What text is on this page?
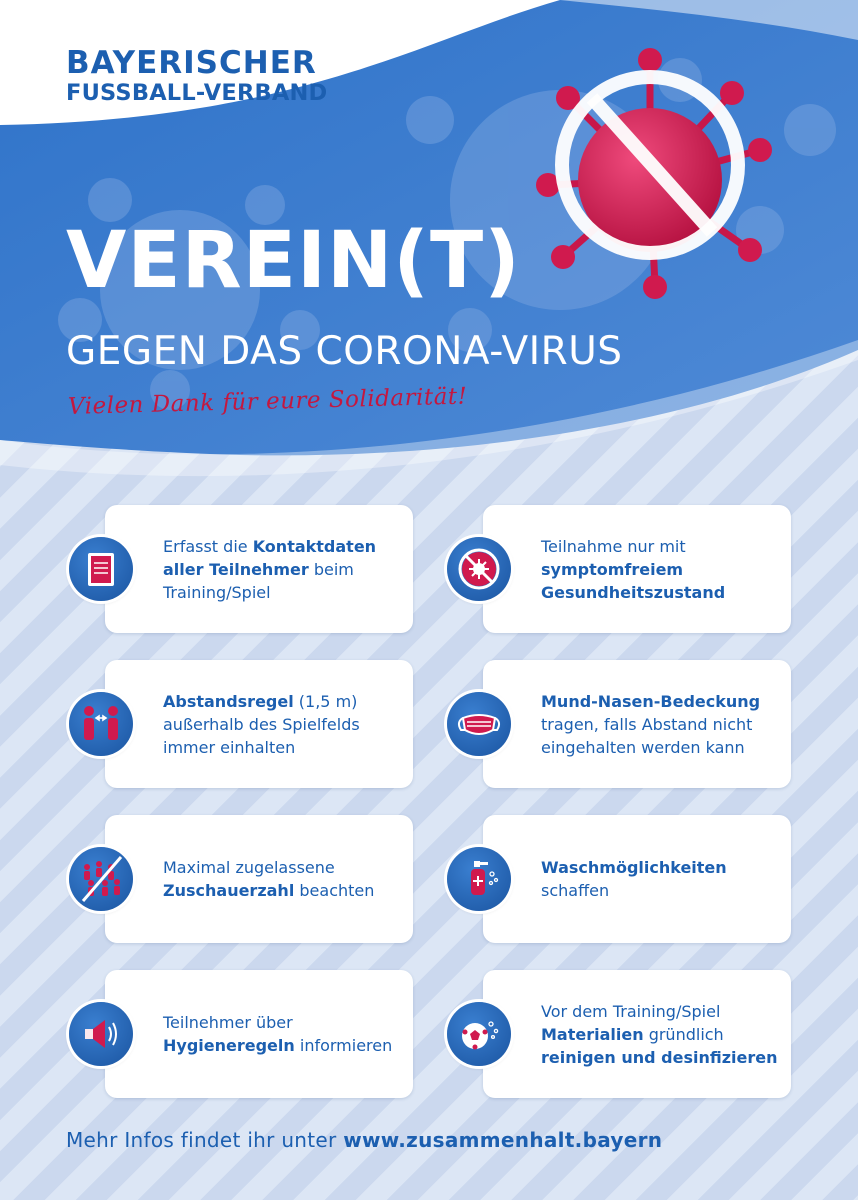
BAYERISCHER
FUSSBALL-VERBAND
VEREIN(T)
GEGEN DAS CORONA-VIRUS
Vielen Dank für eure Solidarität!
Erfasst die Kontaktdaten
aller Teilnehmer beim
Training/Spiel
Teilnahme nur mit
symptomfreiem
Gesundheitszustand
Abstandsregel (1,5 m)
außerhalb des Spielfelds
immer einhalten
Mund-Nasen-Bedeckung
tragen, falls Abstand nicht
eingehalten werden kann
Maximal zugelassene
Zuschauerzahl beachten
Waschmöglichkeiten
schaffen
Teilnehmer über
Hygieneregeln informieren
Vor dem Training/Spiel
Materialien gründlich
reinigen und desinfizieren
Mehr Infos findet ihr unter www.zusammenhalt.bayern
